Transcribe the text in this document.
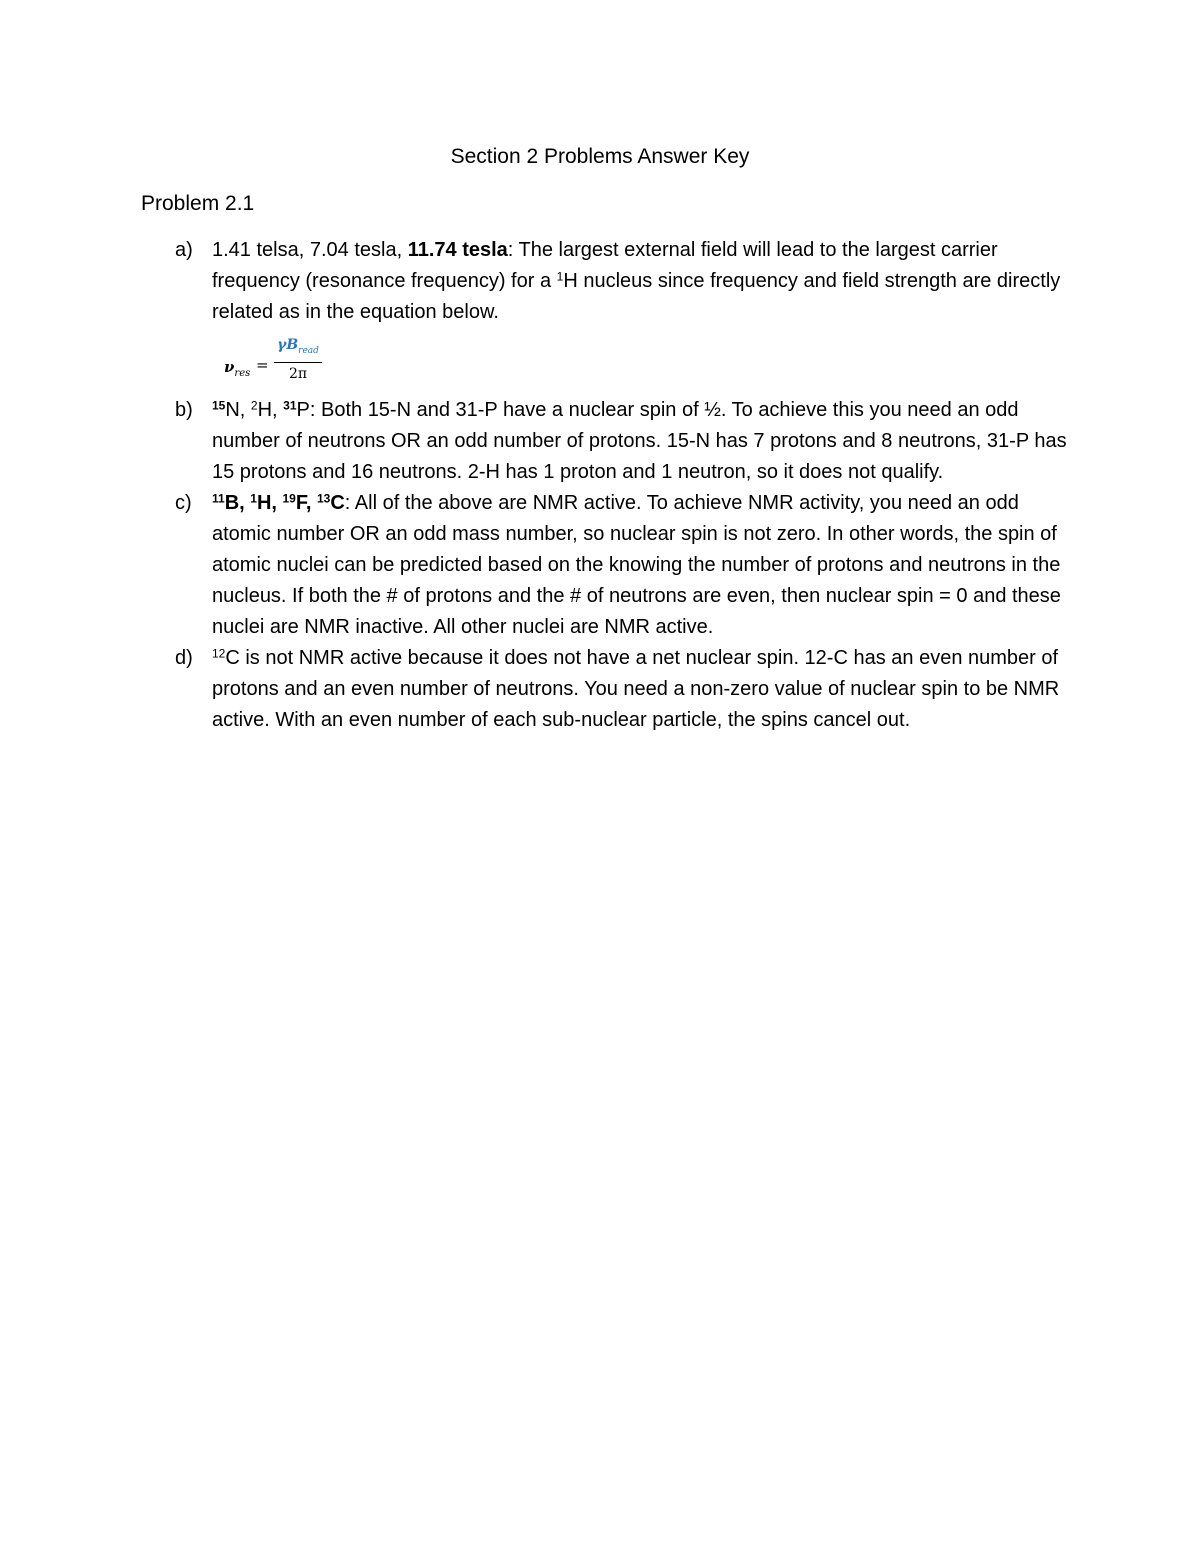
Section 2 Problems Answer Key
Problem 2.1
a) 1.41 telsa, 7.04 tesla, 11.74 tesla: The largest external field will lead to the largest carrier frequency (resonance frequency) for a $^1$H nucleus since frequency and field strength are directly related as in the equation below.
$\nu_{res}$ =
$\gamma B_{read}$
2π
b) $^{15}$N, $^2$H, $^{31}$P: Both 15-N and 31-P have a nuclear spin of ½. To achieve this you need an odd number of neutrons OR an odd number of protons. 15-N has 7 protons and 8 neutrons, 31-P has 15 protons and 16 neutrons. 2-H has 1 proton and 1 neutron, so it does not qualify.
c) $^{11}$B, $^1$H, $^{19}$F, $^{13}$C: All of the above are NMR active. To achieve NMR activity, you need an odd atomic number OR an odd mass number, so nuclear spin is not zero. In other words, the spin of atomic nuclei can be predicted based on the knowing the number of protons and neutrons in the nucleus. If both the # of protons and the # of neutrons are even, then nuclear spin = 0 and these nuclei are NMR inactive. All other nuclei are NMR active.
d) $^{12}$C is not NMR active because it does not have a net nuclear spin. 12-C has an even number of protons and an even number of neutrons. You need a non-zero value of nuclear spin to be NMR active. With an even number of each sub-nuclear particle, the spins cancel out.
